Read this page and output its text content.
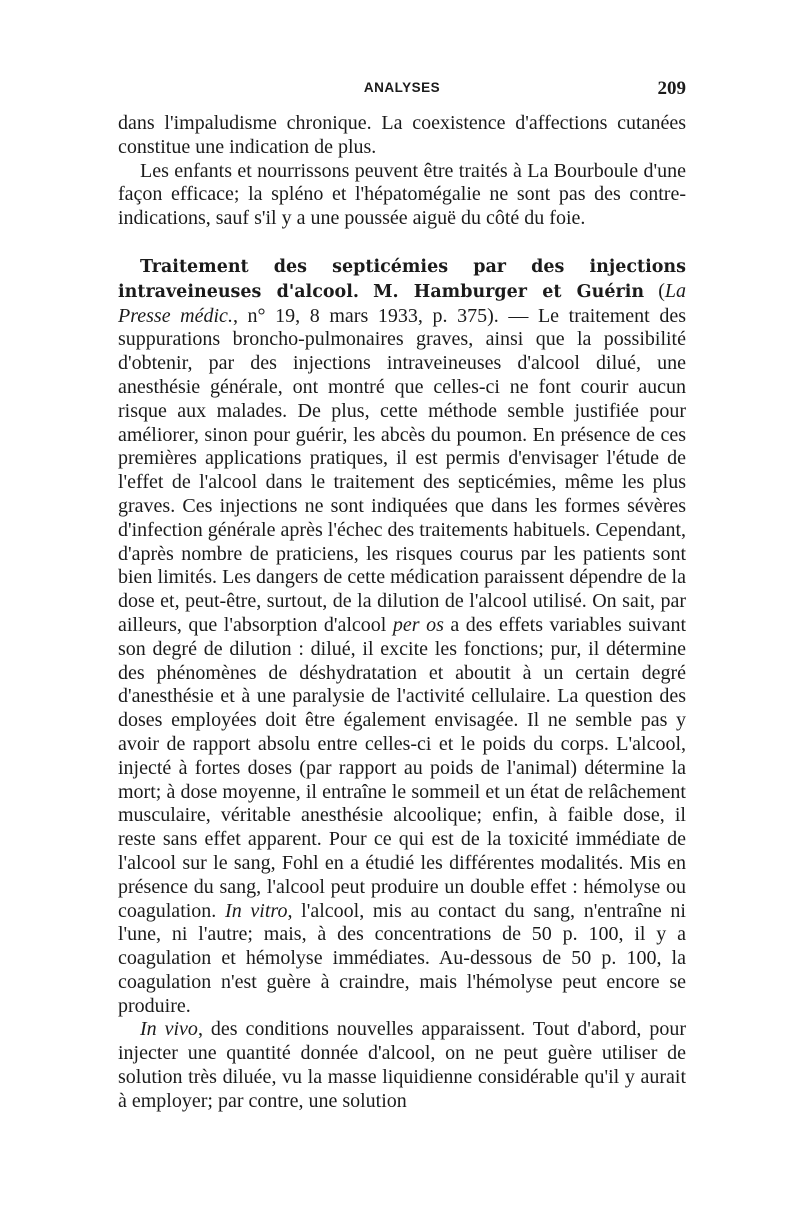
ANALYSES	209

dans l'impaludisme chronique. La coexistence d'affections cutanées constitue une indication de plus.

Les enfants et nourrissons peuvent être traités à La Bourboule d'une façon efficace; la spléno et l'hépatomégalie ne sont pas des contre-indications, sauf s'il y a une poussée aiguë du côté du foie.

Traitement des septicémies par des injections intraveineuses d'alcool. M. Hamburger et Guérin (La Presse médic., n° 19, 8 mars 1933, p. 375). — Le traitement des suppurations broncho-pulmonaires graves, ainsi que la possibilité d'obtenir, par des injections intraveineuses d'alcool dilué, une anesthésie générale, ont montré que celles-ci ne font courir aucun risque aux malades. De plus, cette méthode semble justifiée pour améliorer, sinon pour guérir, les abcès du poumon. En présence de ces premières applications pratiques, il est permis d'envisager l'étude de l'effet de l'alcool dans le traitement des septicémies, même les plus graves. Ces injections ne sont indiquées que dans les formes sévères d'infection générale après l'échec des traitements habituels. Cependant, d'après nombre de praticiens, les risques courus par les patients sont bien limités. Les dangers de cette médication paraissent dépendre de la dose et, peut-être, surtout, de la dilution de l'alcool utilisé. On sait, par ailleurs, que l'absorption d'alcool per os a des effets variables suivant son degré de dilution : dilué, il excite les fonctions; pur, il détermine des phénomènes de déshydratation et aboutit à un certain degré d'anesthésie et à une paralysie de l'activité cellulaire. La question des doses employées doit être également envisagée. Il ne semble pas y avoir de rapport absolu entre celles-ci et le poids du corps. L'alcool, injecté à fortes doses (par rapport au poids de l'animal) détermine la mort; à dose moyenne, il entraîne le sommeil et un état de relâchement musculaire, véritable anesthésie alcoolique; enfin, à faible dose, il reste sans effet apparent. Pour ce qui est de la toxicité immédiate de l'alcool sur le sang, Fohl en a étudié les différentes modalités. Mis en présence du sang, l'alcool peut produire un double effet : hémolyse ou coagulation. In vitro, l'alcool, mis au contact du sang, n'entraîne ni l'une, ni l'autre; mais, à des concentrations de 50 p. 100, il y a coagulation et hémolyse immédiates. Au-dessous de 50 p. 100, la coagulation n'est guère à craindre, mais l'hémolyse peut encore se produire.

In vivo, des conditions nouvelles apparaissent. Tout d'abord, pour injecter une quantité donnée d'alcool, on ne peut guère utiliser de solution très diluée, vu la masse liquidienne considérable qu'il y aurait à employer; par contre, une solution
